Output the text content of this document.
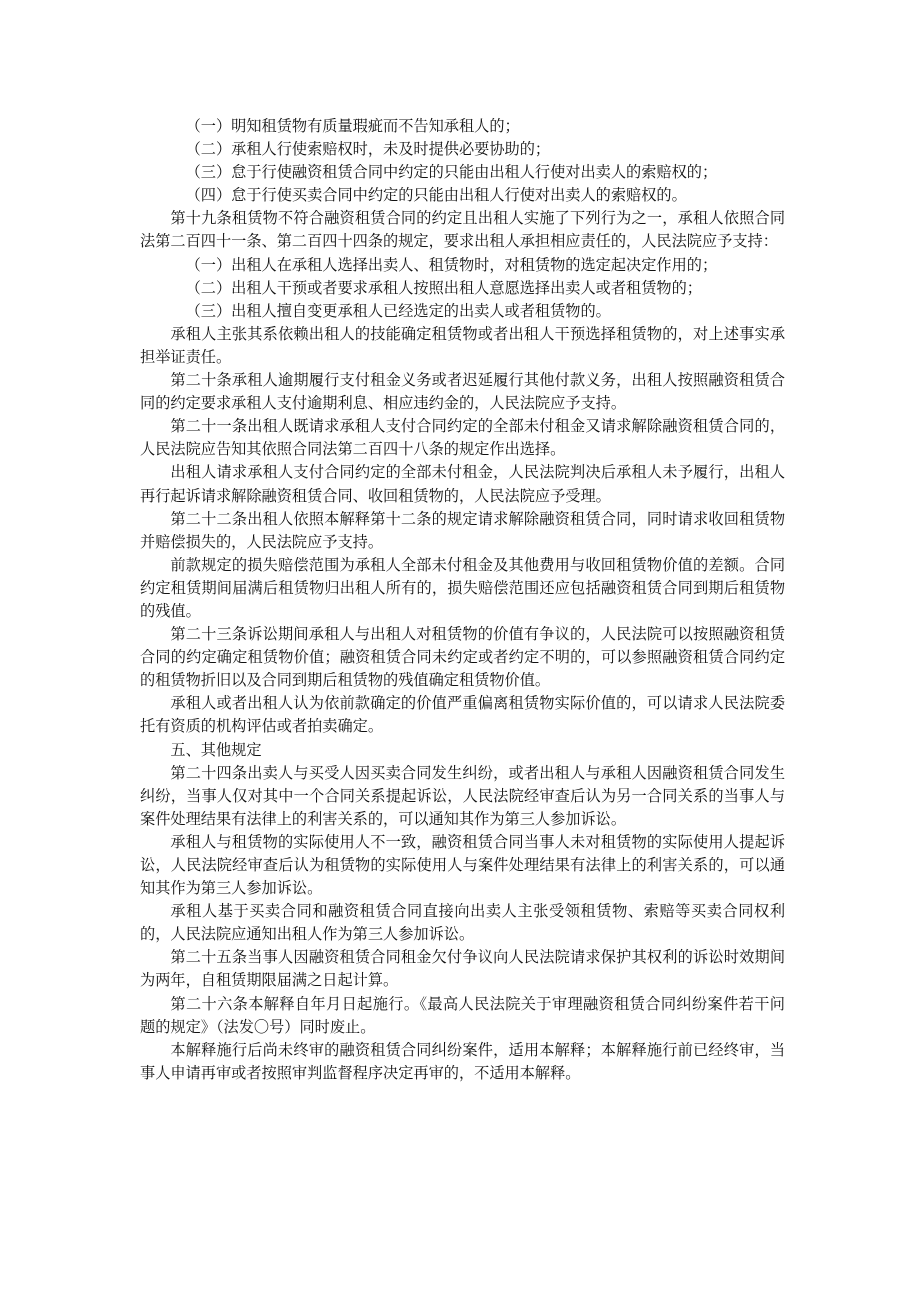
（一）明知租赁物有质量瑕疵而不告知承租人的；
（二）承租人行使索赔权时，未及时提供必要协助的；
（三）怠于行使融资租赁合同中约定的只能由出租人行使对出卖人的索赔权的；
（四）怠于行使买卖合同中约定的只能由出租人行使对出卖人的索赔权的。
第十九条租赁物不符合融资租赁合同的约定且出租人实施了下列行为之一，承租人依照合同法第二百四十一条、第二百四十四条的规定，要求出租人承担相应责任的，人民法院应予支持：
（一）出租人在承租人选择出卖人、租赁物时，对租赁物的选定起决定作用的；
（二）出租人干预或者要求承租人按照出租人意愿选择出卖人或者租赁物的；
（三）出租人擅自变更承租人已经选定的出卖人或者租赁物的。
承租人主张其系依赖出租人的技能确定租赁物或者出租人干预选择租赁物的，对上述事实承担举证责任。
第二十条承租人逾期履行支付租金义务或者迟延履行其他付款义务，出租人按照融资租赁合同的约定要求承租人支付逾期利息、相应违约金的，人民法院应予支持。
第二十一条出租人既请求承租人支付合同约定的全部未付租金又请求解除融资租赁合同的，人民法院应告知其依照合同法第二百四十八条的规定作出选择。
出租人请求承租人支付合同约定的全部未付租金，人民法院判决后承租人未予履行，出租人再行起诉请求解除融资租赁合同、收回租赁物的，人民法院应予受理。
第二十二条出租人依照本解释第十二条的规定请求解除融资租赁合同，同时请求收回租赁物并赔偿损失的，人民法院应予支持。
前款规定的损失赔偿范围为承租人全部未付租金及其他费用与收回租赁物价值的差额。合同约定租赁期间届满后租赁物归出租人所有的，损失赔偿范围还应包括融资租赁合同到期后租赁物的残值。
第二十三条诉讼期间承租人与出租人对租赁物的价值有争议的，人民法院可以按照融资租赁合同的约定确定租赁物价值；融资租赁合同未约定或者约定不明的，可以参照融资租赁合同约定的租赁物折旧以及合同到期后租赁物的残值确定租赁物价值。
承租人或者出租人认为依前款确定的价值严重偏离租赁物实际价值的，可以请求人民法院委托有资质的机构评估或者拍卖确定。
五、其他规定
第二十四条出卖人与买受人因买卖合同发生纠纷，或者出租人与承租人因融资租赁合同发生纠纷，当事人仅对其中一个合同关系提起诉讼，人民法院经审查后认为另一合同关系的当事人与案件处理结果有法律上的利害关系的，可以通知其作为第三人参加诉讼。
承租人与租赁物的实际使用人不一致，融资租赁合同当事人未对租赁物的实际使用人提起诉讼，人民法院经审查后认为租赁物的实际使用人与案件处理结果有法律上的利害关系的，可以通知其作为第三人参加诉讼。
承租人基于买卖合同和融资租赁合同直接向出卖人主张受领租赁物、索赔等买卖合同权利的，人民法院应通知出租人作为第三人参加诉讼。
第二十五条当事人因融资租赁合同租金欠付争议向人民法院请求保护其权利的诉讼时效期间为两年，自租赁期限届满之日起计算。
第二十六条本解释自年月日起施行。《最高人民法院关于审理融资租赁合同纠纷案件若干问题的规定》（法发〇号）同时废止。
本解释施行后尚未终审的融资租赁合同纠纷案件，适用本解释；本解释施行前已经终审，当事人申请再审或者按照审判监督程序决定再审的，不适用本解释。
